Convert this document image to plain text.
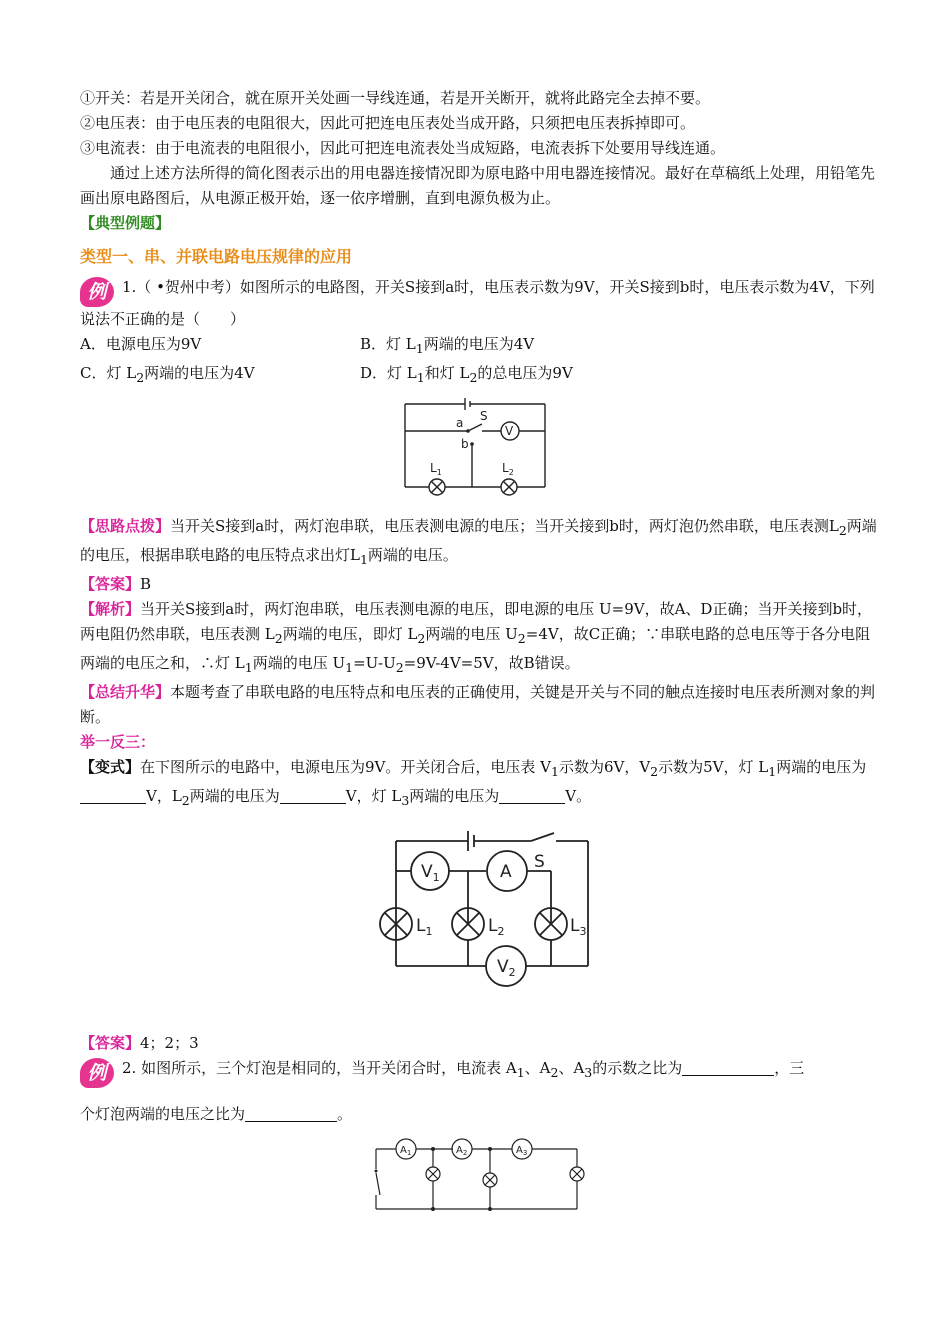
①开关：若是开关闭合，就在原开关处画一导线连通，若是开关断开，就将此路完全去掉不要。

②电压表：由于电压表的电阻很大，因此可把连电压表处当成开路，只须把电压表拆掉即可。

③电流表：由于电流表的电阻很小，因此可把连电流表处当成短路，电流表拆下处要用导线连通。

通过上述方法所得的简化图表示出的用电器连接情况即为原电路中用电器连接情况。最好在草稿纸上处理，用铅笔先画出原电路图后，从电源正极开始，逐一依序增删，直到电源负极为止。

【典型例题】

类型一、串、并联电路电压规律的应用

例 1.（ •贺州中考）如图所示的电路图，开关S接到a时，电压表示数为9V，开关S接到b时，电压表示数为4V，下列说法不正确的是（　　）

A．电源电压为9V	B．灯 $L_1$两端的电压为4V
C．灯 $L_2$两端的电压为4V	D．灯 $L_1$和灯 $L_2$的总电压为9V
a S
b
V
$L_1$	$L_2$

【思路点拨】当开关S接到a时，两灯泡串联，电压表测电源的电压；当开关接到b时，两灯泡仍然串联，电压表测$L_2$两端的电压，根据串联电路的电压特点求出灯$L_1$两端的电压。

【答案】B

【解析】当开关S接到a时，两灯泡串联，电压表测电源的电压，即电源的电压 U=9V，故A、D正确；当开关接到b时，两电阻仍然串联，电压表测 $L_2$两端的电压，即灯 $L_2$两端的电压 $U_2=4V$，故C正确；∵串联电路的总电压等于各分电阻两端的电压之和，∴灯 $L_1$两端的电压 $U_1=U-U_2=9V-4V=5V$，故B错误。

【总结升华】本题考查了串联电路的电压特点和电压表的正确使用，关键是开关与不同的触点连接时电压表所测对象的判断。

举一反三：

【变式】在下图所示的电路中，电源电压为9V。开关闭合后，电压表 $V_1$示数为6V，$V_2$示数为5V，灯 $L_1$两端的电压为V，$L_2$两端的电压为	V，灯 $L_3$两端的电压为	V。

S
$V_1$	A
$L_1$	$L_2$	$L_3$
$V_2$

【答案】4；2；3

例 2. 如图所示，三个灯泡是相同的，当开关闭合时，电流表 $A_1$、$A_2$、$A_3$的示数之比为	，三

个灯泡两端的电压之比为	。

$A_1$	$A_2$	$A_3$
